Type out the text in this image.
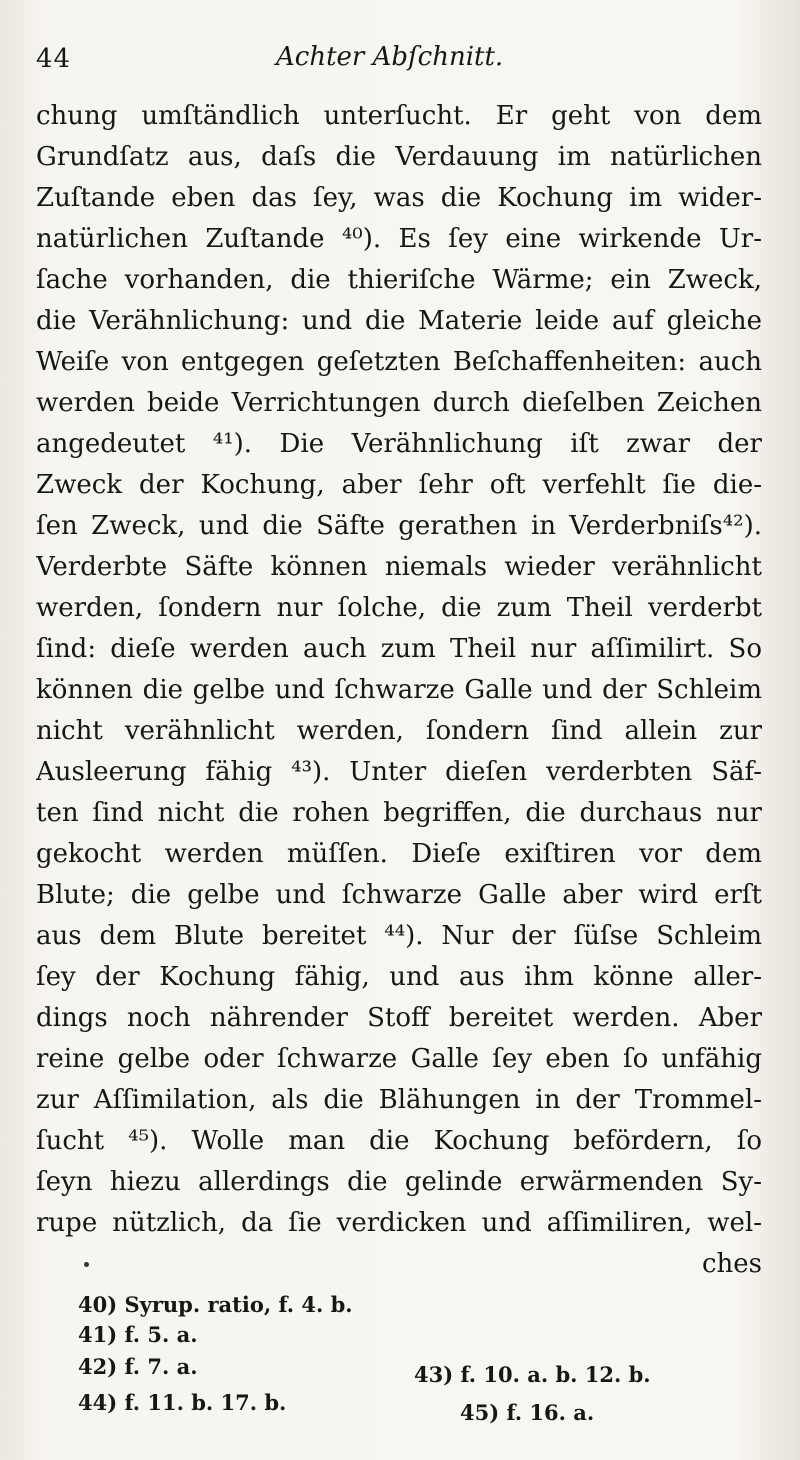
44	Achter Abſchnitt.
chung umſtändlich unterſucht. Er geht von dem
Grundſatz aus, daſs die Verdauung im natürlichen
Zuſtande eben das ſey, was die Kochung im wider-
natürlichen Zuſtande ⁴⁰). Es ſey eine wirkende Ur-
ſache vorhanden, die thieriſche Wärme; ein Zweck,
die Verähnlichung: und die Materie leide auf gleiche
Weiſe von entgegen geſetzten Beſchaffenheiten: auch
werden beide Verrichtungen durch dieſelben Zeichen
angedeutet ⁴¹). Die Verähnlichung iſt zwar der
Zweck der Kochung, aber ſehr oft verfehlt ſie die-
ſen Zweck, und die Säfte gerathen in Verderbniſs⁴²).
Verderbte Säfte können niemals wieder verähnlicht
werden, ſondern nur ſolche, die zum Theil verderbt
ſind: dieſe werden auch zum Theil nur aſſimilirt. So
können die gelbe und ſchwarze Galle und der Schleim
nicht verähnlicht werden, ſondern ſind allein zur
Ausleerung fähig ⁴³). Unter dieſen verderbten Säf-
ten ſind nicht die rohen begriffen, die durchaus nur
gekocht werden müſſen. Dieſe exiſtiren vor dem
Blute; die gelbe und ſchwarze Galle aber wird erſt
aus dem Blute bereitet ⁴⁴). Nur der ſüſse Schleim
ſey der Kochung fähig, und aus ihm könne aller-
dings noch nährender Stoff bereitet werden. Aber
reine gelbe oder ſchwarze Galle ſey eben ſo unfähig
zur Aſſimilation, als die Blähungen in der Trommel-
ſucht ⁴⁵). Wolle man die Kochung befördern, ſo
ſeyn hiezu allerdings die gelinde erwärmenden Sy-
rupe nützlich, da ſie verdicken und aſſimiliren, wel-
ches
40) Syrup. ratio, f. 4. b.
41) f. 5. a.
42) f. 7. a.	43) f. 10. a. b. 12. b.
44) f. 11. b. 17. b.	45) f. 16. a.
